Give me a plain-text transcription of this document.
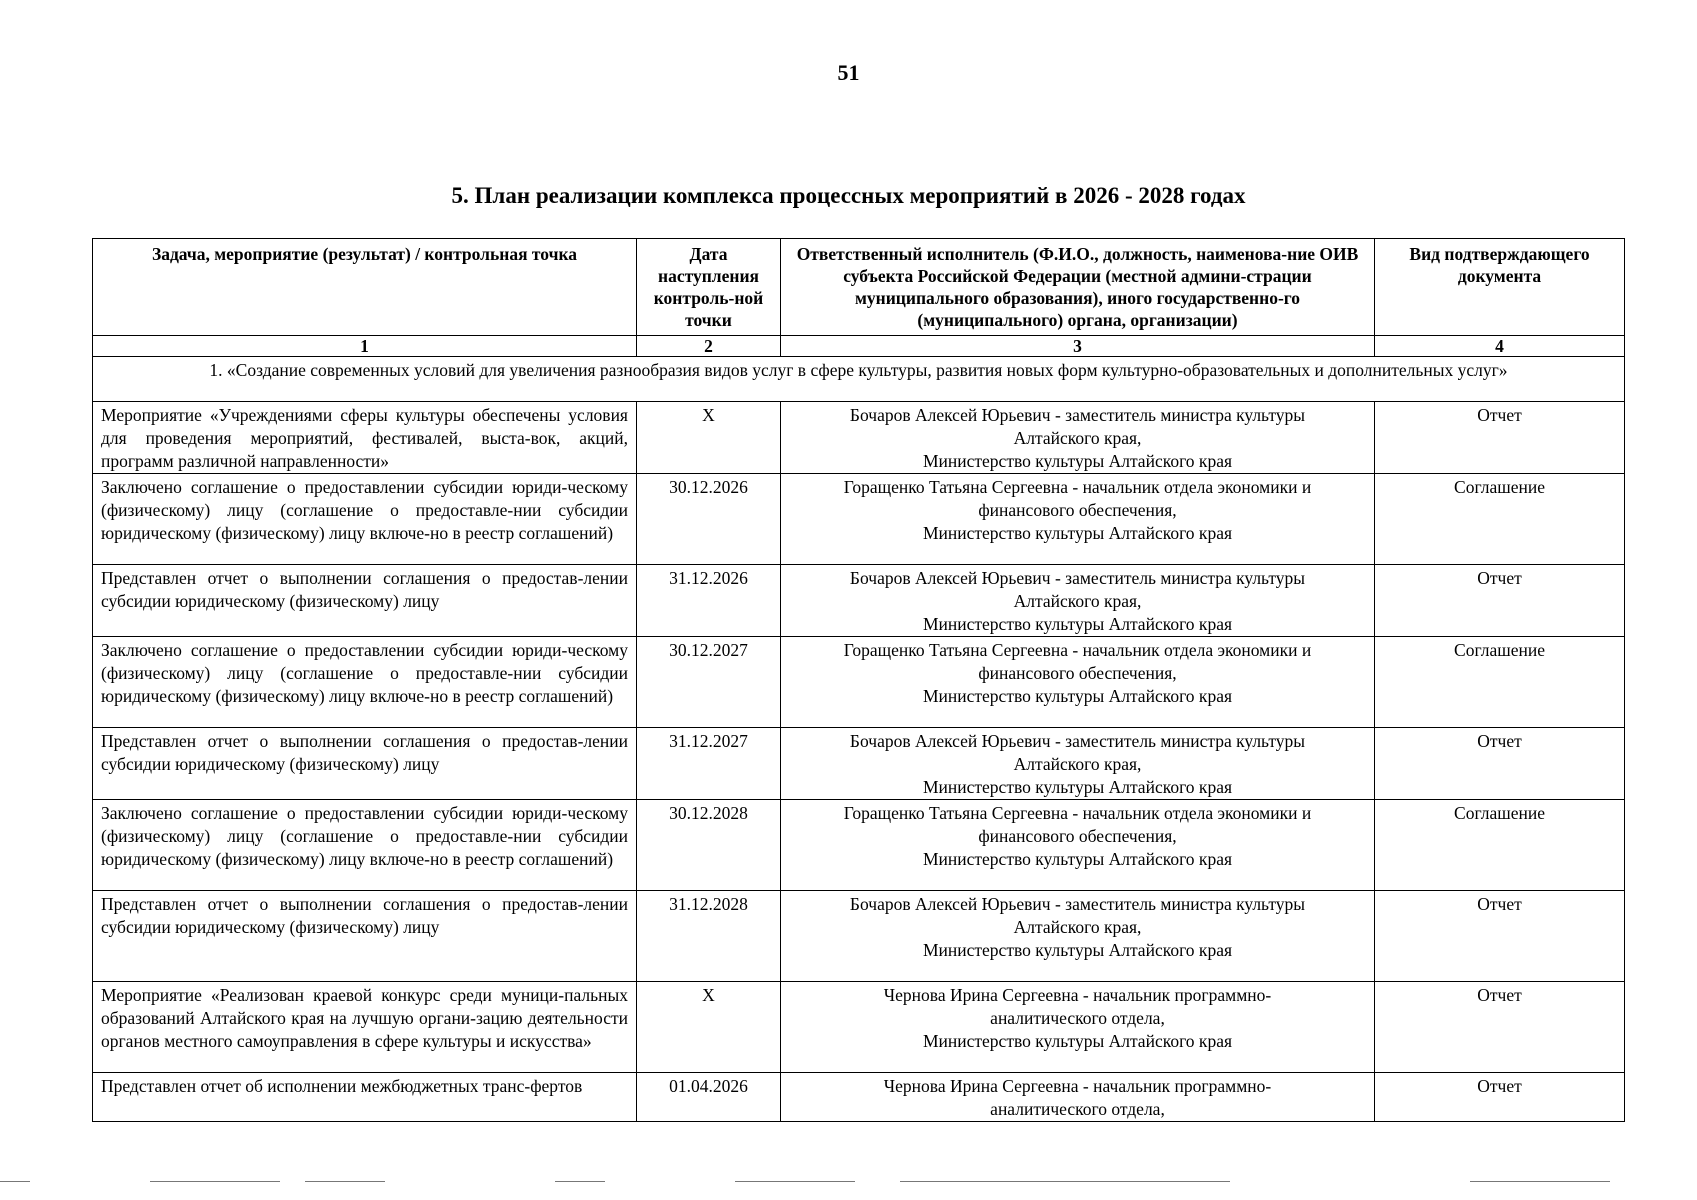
51
5. План реализации комплекса процессных мероприятий в 2026 - 2028 годах
Задача, мероприятие (результат) / контрольная точка	Дата наступления контроль-ной точки	Ответственный исполнитель (Ф.И.О., должность, наименова-ние ОИВ субъекта Российской Федерации (местной админи-страции муниципального образования), иного государственно-го (муниципального) органа, организации)	Вид подтверждающего документа
1	2	3	4
1. «Создание современных условий для увеличения разнообразия видов услуг в сфере культуры, развития новых форм культурно-образовательных и дополнительных услуг»			
Мероприятие «Учреждениями сферы культуры обеспечены условия для проведения мероприятий, фестивалей, выста-вок, акций, программ различной направленности»	Х	Бочаров Алексей Юрьевич - заместитель министра культуры
Алтайского края,
Министерство культуры Алтайского края	Отчет
Заключено соглашение о предоставлении субсидии юриди-ческому (физическому) лицу (соглашение о предоставле-нии субсидии юридическому (физическому) лицу включе-но в реестр соглашений)	30.12.2026	Горащенко Татьяна Сергеевна - начальник отдела экономики и
финансового обеспечения,
Министерство культуры Алтайского края	Соглашение
Представлен отчет о выполнении соглашения о предостав-лении субсидии юридическому (физическому) лицу	31.12.2026	Бочаров Алексей Юрьевич - заместитель министра культуры
Алтайского края,
Министерство культуры Алтайского края	Отчет
Заключено соглашение о предоставлении субсидии юриди-ческому (физическому) лицу (соглашение о предоставле-нии субсидии юридическому (физическому) лицу включе-но в реестр соглашений)	30.12.2027	Горащенко Татьяна Сергеевна - начальник отдела экономики и
финансового обеспечения,
Министерство культуры Алтайского края	Соглашение
Представлен отчет о выполнении соглашения о предостав-лении субсидии юридическому (физическому) лицу	31.12.2027	Бочаров Алексей Юрьевич - заместитель министра культуры
Алтайского края,
Министерство культуры Алтайского края	Отчет
Заключено соглашение о предоставлении субсидии юриди-ческому (физическому) лицу (соглашение о предоставле-нии субсидии юридическому (физическому) лицу включе-но в реестр соглашений)	30.12.2028	Горащенко Татьяна Сергеевна - начальник отдела экономики и
финансового обеспечения,
Министерство культуры Алтайского края	Соглашение
Представлен отчет о выполнении соглашения о предостав-лении субсидии юридическому (физическому) лицу	31.12.2028	Бочаров Алексей Юрьевич - заместитель министра культуры
Алтайского края,
Министерство культуры Алтайского края	Отчет
Мероприятие «Реализован краевой конкурс среди муници-пальных образований Алтайского края на лучшую органи-зацию деятельности органов местного самоуправления в сфере культуры и искусства»	Х	Чернова Ирина Сергеевна - начальник программно-
аналитического отдела,
Министерство культуры Алтайского края	Отчет
Представлен отчет об исполнении межбюджетных транс-фертов	01.04.2026	Чернова Ирина Сергеевна - начальник программно-
аналитического отдела,	Отчет
